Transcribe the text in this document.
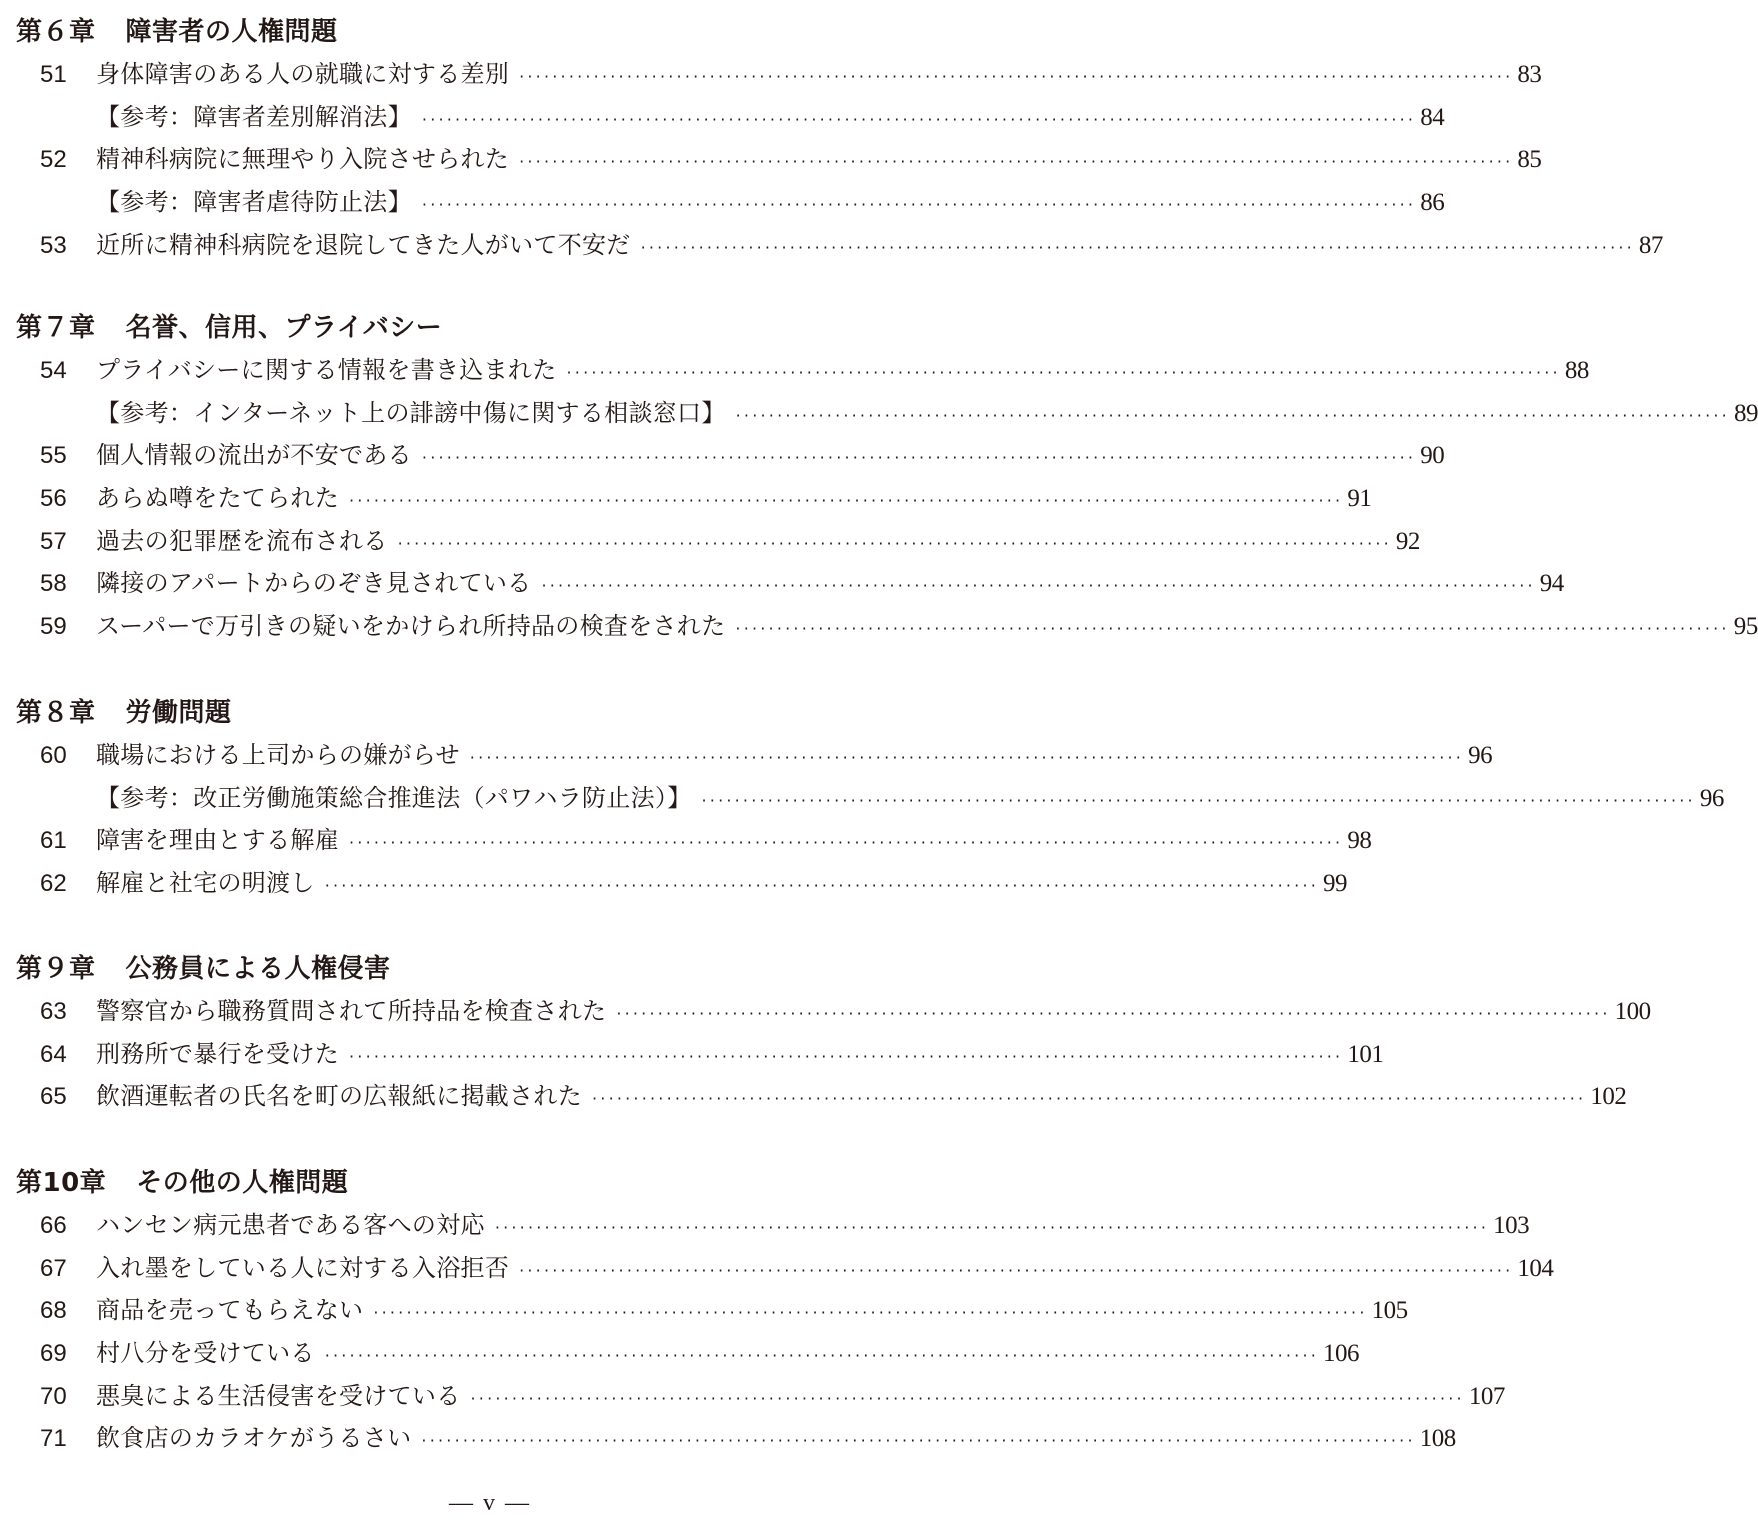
第６章 障害者の人権問題
51	身体障害のある人の就職に対する差別 ························································································································ 83
【参考：障害者差別解消法】 ························································································································ 84
52	精神科病院に無理やり入院させられた ························································································································ 85
【参考：障害者虐待防止法】 ························································································································ 86
53	近所に精神科病院を退院してきた人がいて不安だ ························································································································ 87
第７章 名誉、信用、プライバシー
54	プライバシーに関する情報を書き込まれた ························································································································ 88
【参考：インターネット上の誹謗中傷に関する相談窓口】 ························································································································ 89
55	個人情報の流出が不安である ························································································································ 90
56	あらぬ噂をたてられた ························································································································ 91
57	過去の犯罪歴を流布される ························································································································ 92
58	隣接のアパートからのぞき見されている ························································································································ 94
59	スーパーで万引きの疑いをかけられ所持品の検査をされた ························································································································ 95
第８章 労働問題
60	職場における上司からの嫌がらせ ························································································································ 96
【参考：改正労働施策総合推進法（パワハラ防止法）】 ························································································································ 96
61	障害を理由とする解雇 ························································································································ 98
62	解雇と社宅の明渡し ························································································································ 99
第９章 公務員による人権侵害
63	警察官から職務質問されて所持品を検査された ························································································································ 100
64	刑務所で暴行を受けた ························································································································ 101
65	飲酒運転者の氏名を町の広報紙に掲載された ························································································································ 102
第10章 その他の人権問題
66	ハンセン病元患者である客への対応 ························································································································ 103
67	入れ墨をしている人に対する入浴拒否 ························································································································ 104
68	商品を売ってもらえない ························································································································ 105
69	村八分を受けている ························································································································ 106
70	悪臭による生活侵害を受けている ························································································································ 107
71	飲食店のカラオケがうるさい ························································································································ 108
— v —
